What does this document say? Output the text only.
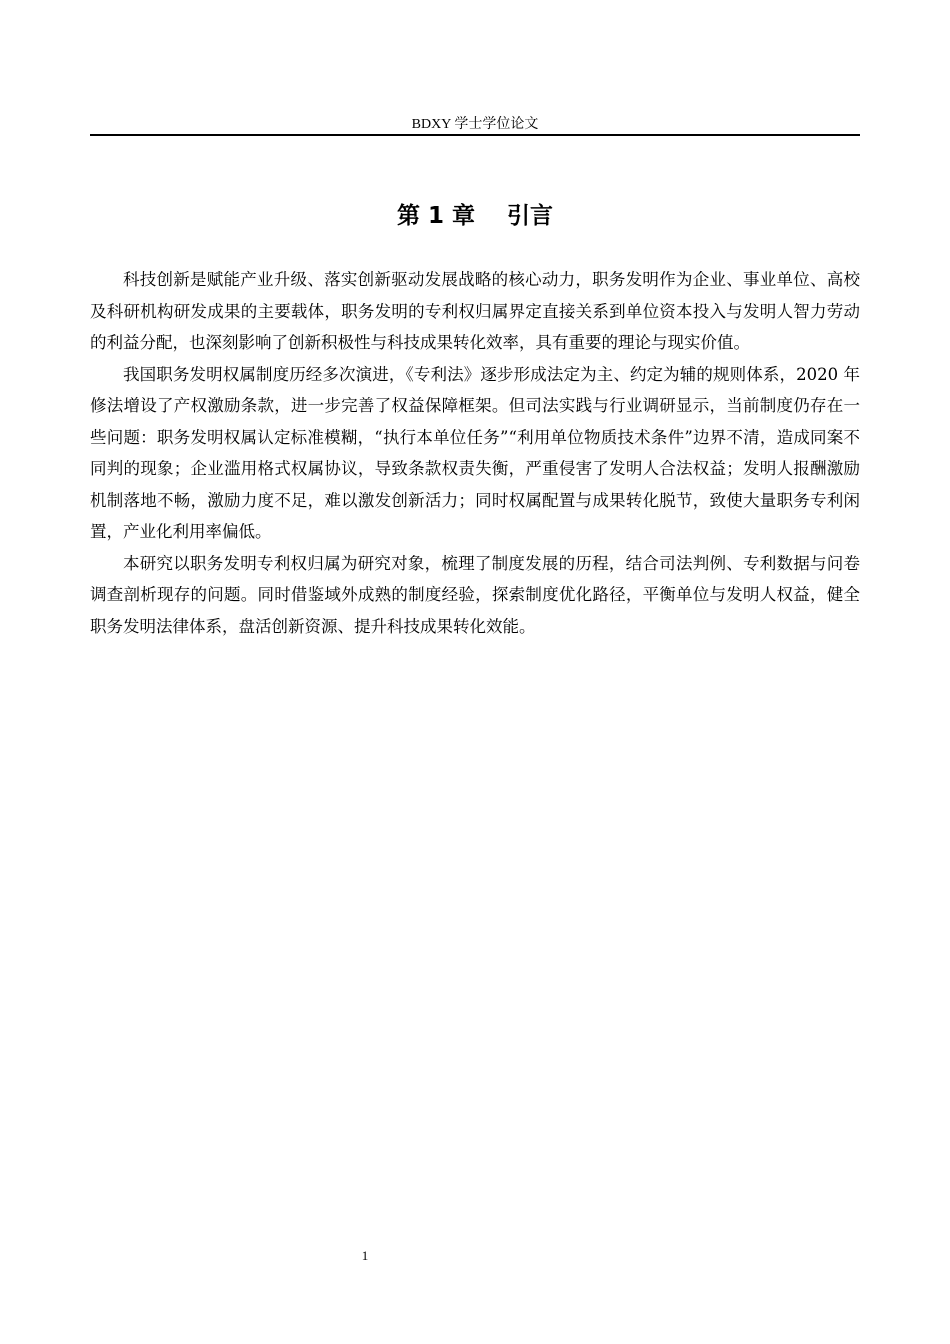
BDXY 学士学位论文
第 1 章    引言

科技创新是赋能产业升级、落实创新驱动发展战略的核心动力，职务发明作为企业、事业单位、高校及科研机构研发成果的主要载体，职务发明的专利权归属界定直接关系到单位资本投入与发明人智力劳动的利益分配，也深刻影响了创新积极性与科技成果转化效率，具有重要的理论与现实价值。

我国职务发明权属制度历经多次演进，《专利法》逐步形成法定为主、约定为辅的规则体系，2020 年修法增设了产权激励条款，进一步完善了权益保障框架。但司法实践与行业调研显示，当前制度仍存在一些问题：职务发明权属认定标准模糊，“执行本单位任务”“利用单位物质技术条件”边界不清，造成同案不同判的现象；企业滥用格式权属协议，导致条款权责失衡，严重侵害了发明人合法权益；发明人报酬激励机制落地不畅，激励力度不足，难以激发创新活力；同时权属配置与成果转化脱节，致使大量职务专利闲置，产业化利用率偏低。

本研究以职务发明专利权归属为研究对象，梳理了制度发展的历程，结合司法判例、专利数据与问卷调查剖析现存的问题。同时借鉴域外成熟的制度经验，探索制度优化路径，平衡单位与发明人权益，健全职务发明法律体系，盘活创新资源、提升科技成果转化效能。

1
